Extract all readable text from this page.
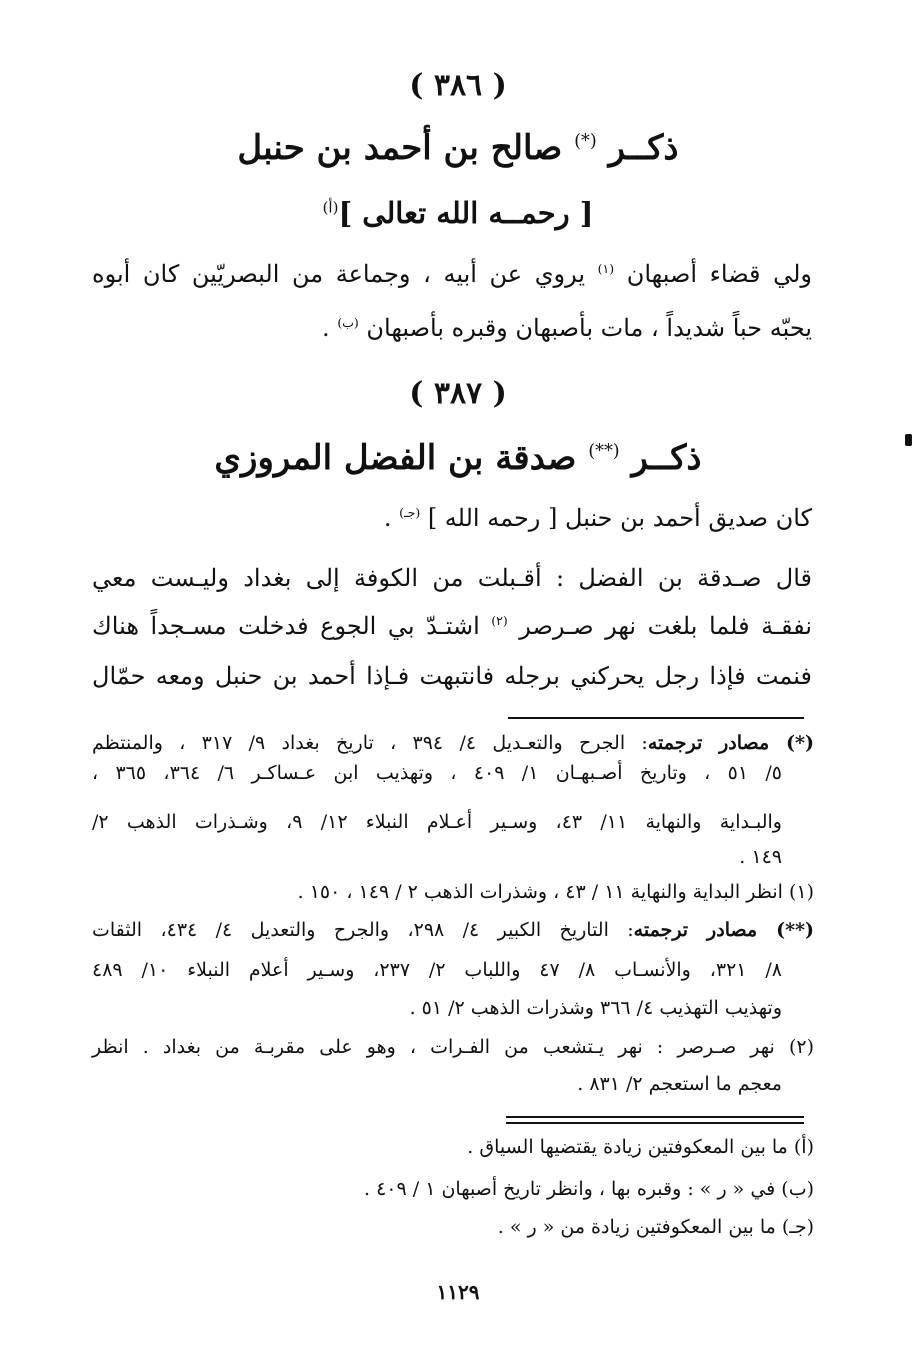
( ٣٨٦ )
ذكــر (*) صالح بن أحمد بن حنبل
[ رحمــه الله تعالى ]$^{(أ)}$
ولي قضاء أصبهان $^{(١)}$ يروي عن أبيه ، وجماعة من البصريّين كان أبوه
يحبّه حباً شديداً ، مات بأصبهان وقبره بأصبهان $^{(ب)}$ .
( ٣٨٧ )
ذكــر (**) صدقة بن الفضل المروزي
كان صديق أحمد بن حنبل [ رحمه الله ] $^{(جـ)}$ .
قال صـدقة بن الفضل : أقـبلت من الكوفة إلى بغداد وليـست معي
نفقـة فلما بلغت نهر صـرصر $^{(٢)}$ اشتـدّ بي الجوع فدخلت مسـجداً هناك
فنمت فإذا رجل يحركني برجله فانتبهت فـإذا أحمد بن حنبل ومعه حمّال
(*) مصادر ترجمته: الجرح والتعـديل ٤/ ٣٩٤ ، تاريخ بغداد ٩/ ٣١٧ ، والمنتظم
٥/ ٥١ ، وتاريخ أصـبهـان ١/ ٤٠٩ ، وتهذيب ابن عـساكـر ٦/ ٣٦٤، ٣٦٥ ،
والبـداية والنهاية ١١/ ٤٣، وسـير أعـلام النبلاء ١٢/ ٩، وشـذرات الذهب ٢/
١٤٩ .
(١) انظر البداية والنهاية ١١ / ٤٣ ، وشذرات الذهب ٢ / ١٤٩ ، ١٥٠ .
(**) مصادر ترجمته: التاريخ الكبير ٤/ ٢٩٨، والجرح والتعديل ٤/ ٤٣٤، الثقات
٨/ ٣٢١، والأنسـاب ٨/ ٤٧ واللباب ٢/ ٢٣٧، وسـير أعلام النبلاء ١٠/ ٤٨٩
وتهذيب التهذيب ٤/ ٣٦٦ وشذرات الذهب ٢/ ٥١ .
(٢) نهر صـرصر : نهر يـتشعب من الفـرات ، وهو على مقربـة من بغداد . انظر
معجم ما استعجم ٢/ ٨٣١ .
(أ) ما بين المعكوفتين زيادة يقتضيها السياق .
(ب) في « ر » : وقبره بها ، وانظر تاريخ أصبهان ١ / ٤٠٩ .
(جـ) ما بين المعكوفتين زيادة من « ر » .
١١٢٩
